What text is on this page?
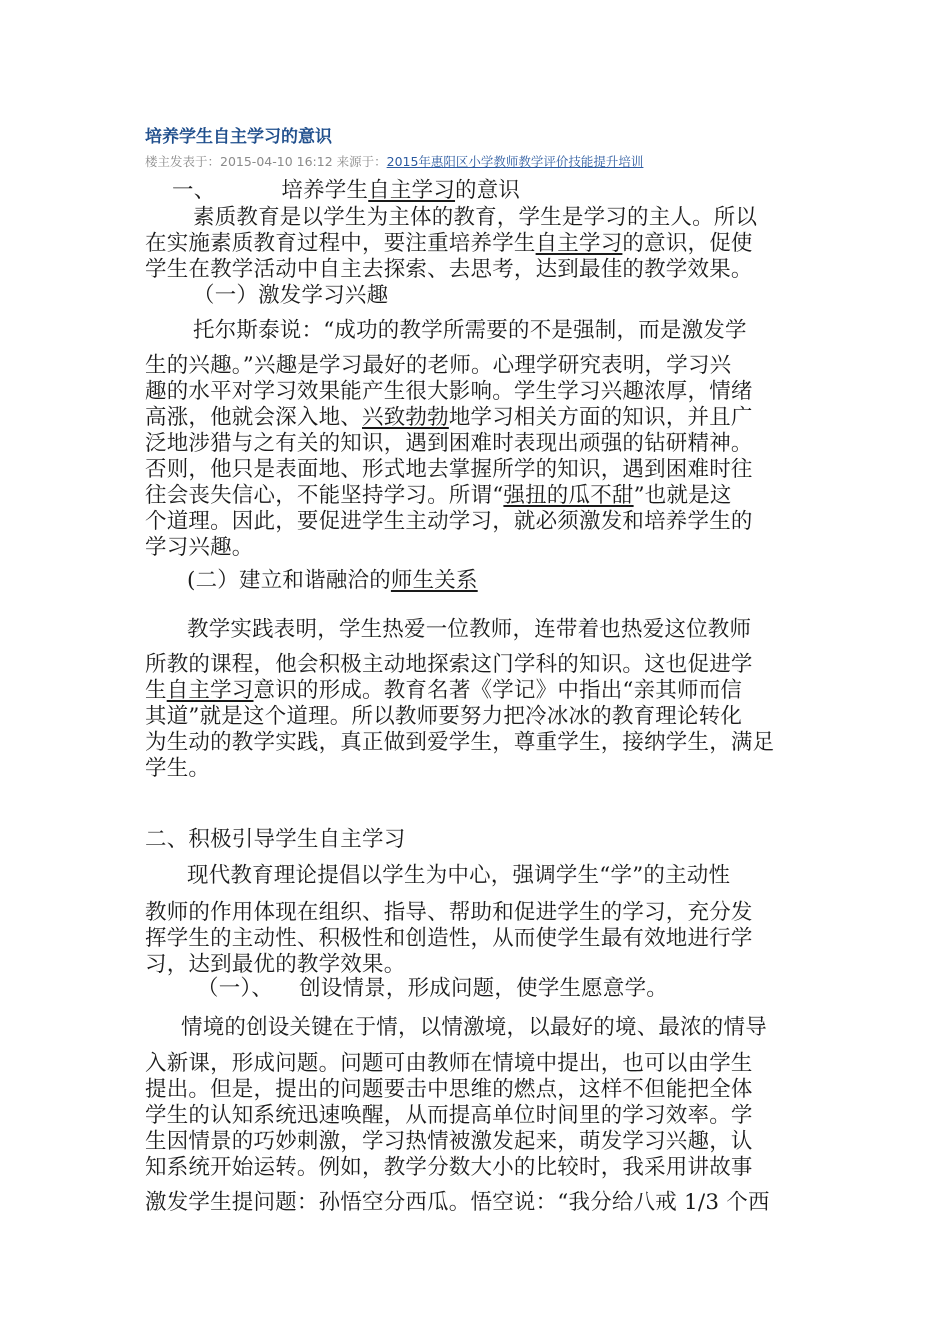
培养学生自主学习的意识
楼主发表于：2015-04-10 16:12 来源于：2015年惠阳区小学教师教学评价技能提升培训
一、	培养学生自主学习的意识
素质教育是以学生为主体的教育，学生是学习的主人。所以
在实施素质教育过程中，要注重培养学生自主学习的意识，促使
学生在教学活动中自主去探索、去思考，达到最佳的教学效果。
（一）激发学习兴趣
托尔斯泰说：“成功的教学所需要的不是强制，而是激发学
生的兴趣。”兴趣是学习最好的老师。心理学研究表明，学习兴
趣的水平对学习效果能产生很大影响。学生学习兴趣浓厚，情绪
高涨，他就会深入地、兴致勃勃地学习相关方面的知识，并且广
泛地涉猎与之有关的知识，遇到困难时表现出顽强的钻研精神。
否则，他只是表面地、形式地去掌握所学的知识，遇到困难时往
往会丧失信心，不能坚持学习。所谓“强扭的瓜不甜”也就是这
个道理。因此，要促进学生主动学习，就必须激发和培养学生的
学习兴趣。
(二）建立和谐融洽的师生关系
教学实践表明，学生热爱一位教师，连带着也热爱这位教师
所教的课程，他会积极主动地探索这门学科的知识。这也促进学
生自主学习意识的形成。教育名著《学记》中指出“亲其师而信
其道”就是这个道理。所以教师要努力把冷冰冰的教育理论转化
为生动的教学实践，真正做到爱学生，尊重学生，接纳学生，满足
学生。
二、积极引导学生自主学习
现代教育理论提倡以学生为中心，强调学生“学”的主动性
教师的作用体现在组织、指导、帮助和促进学生的学习，充分发
挥学生的主动性、积极性和创造性，从而使学生最有效地进行学
习，达到最优的教学效果。
（一）、 创设情景，形成问题，使学生愿意学。
情境的创设关键在于情，以情激境，以最好的境、最浓的情导
入新课，形成问题。问题可由教师在情境中提出，也可以由学生
提出。但是，提出的问题要击中思维的燃点，这样不但能把全体
学生的认知系统迅速唤醒，从而提高单位时间里的学习效率。学
生因情景的巧妙刺激，学习热情被激发起来，萌发学习兴趣，认
知系统开始运转。例如，教学分数大小的比较时，我采用讲故事
激发学生提问题：孙悟空分西瓜。悟空说：“我分给八戒 1/3 个西
